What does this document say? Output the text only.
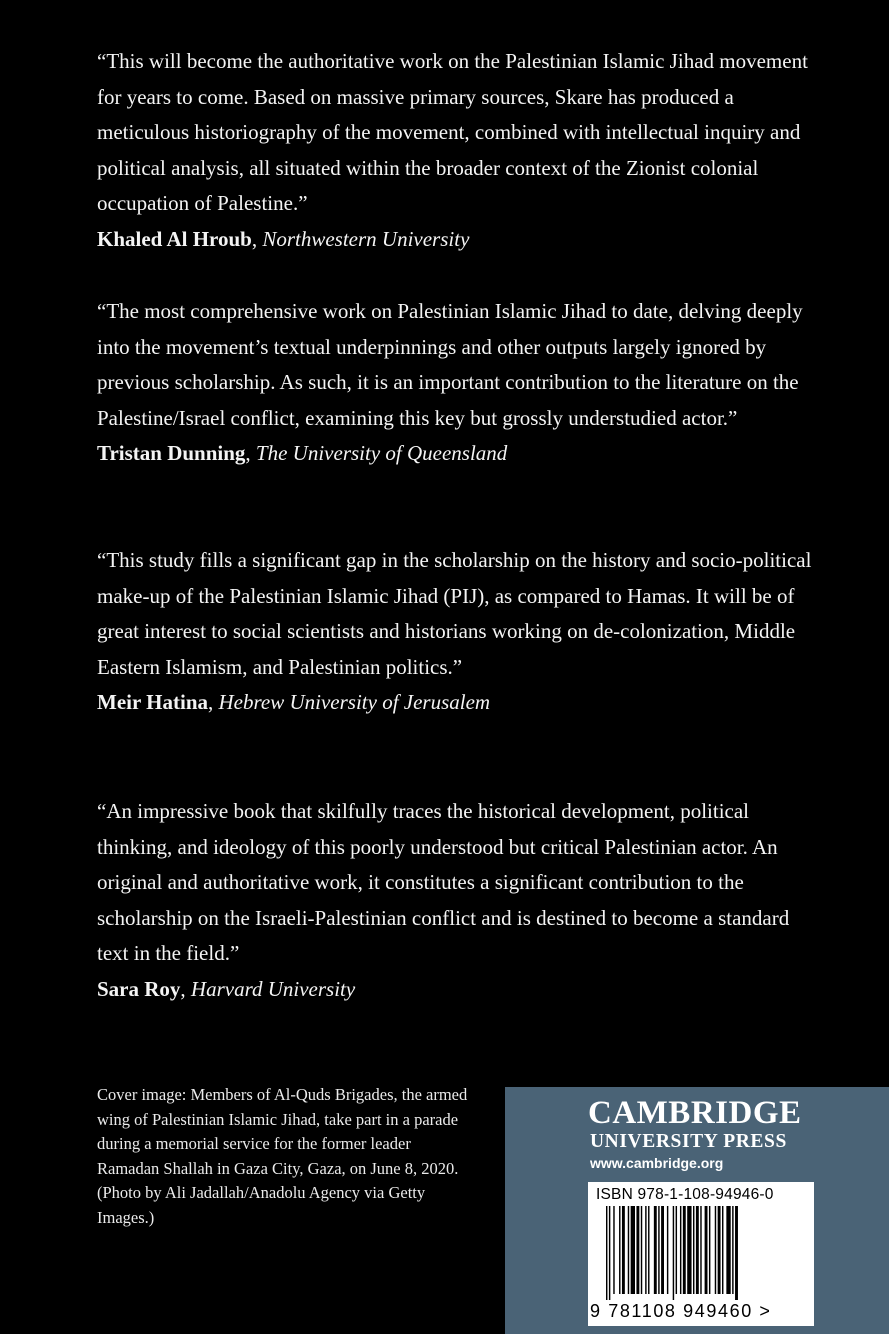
“This will become the authoritative work on the Palestinian Islamic Jihad movement for years to come. Based on massive primary sources, Skare has produced a meticulous historiography of the movement, combined with intellectual inquiry and political analysis, all situated within the broader context of the Zionist colonial occupation of Palestine.”

Khaled Al Hroub, Northwestern University

“The most comprehensive work on Palestinian Islamic Jihad to date, delving deeply into the movement’s textual underpinnings and other outputs largely ignored by previous scholarship. As such, it is an important contribution to the literature on the Palestine/Israel conflict, examining this key but grossly understudied actor.”

Tristan Dunning, The University of Queensland

“This study fills a significant gap in the scholarship on the history and socio-political make-up of the Palestinian Islamic Jihad (PIJ), as compared to Hamas. It will be of great interest to social scientists and historians working on de-colonization, Middle Eastern Islamism, and Palestinian politics.”

Meir Hatina, Hebrew University of Jerusalem

“An impressive book that skilfully traces the historical development, political thinking, and ideology of this poorly understood but critical Palestinian actor. An original and authoritative work, it constitutes a significant contribution to the scholarship on the Israeli-Palestinian conflict and is destined to become a standard text in the field.”

Sara Roy, Harvard University

Cover image: Members of Al-Quds Brigades, the armed wing of Palestinian Islamic Jihad, take part in a parade during a memorial service for the former leader Ramadan Shallah in Gaza City, Gaza, on June 8, 2020. (Photo by Ali Jadallah/Anadolu Agency via Getty Images.)

CAMBRIDGE
UNIVERSITY PRESS
www.cambridge.org
ISBN 978-1-108-94946-0
9 781108 949460 >
